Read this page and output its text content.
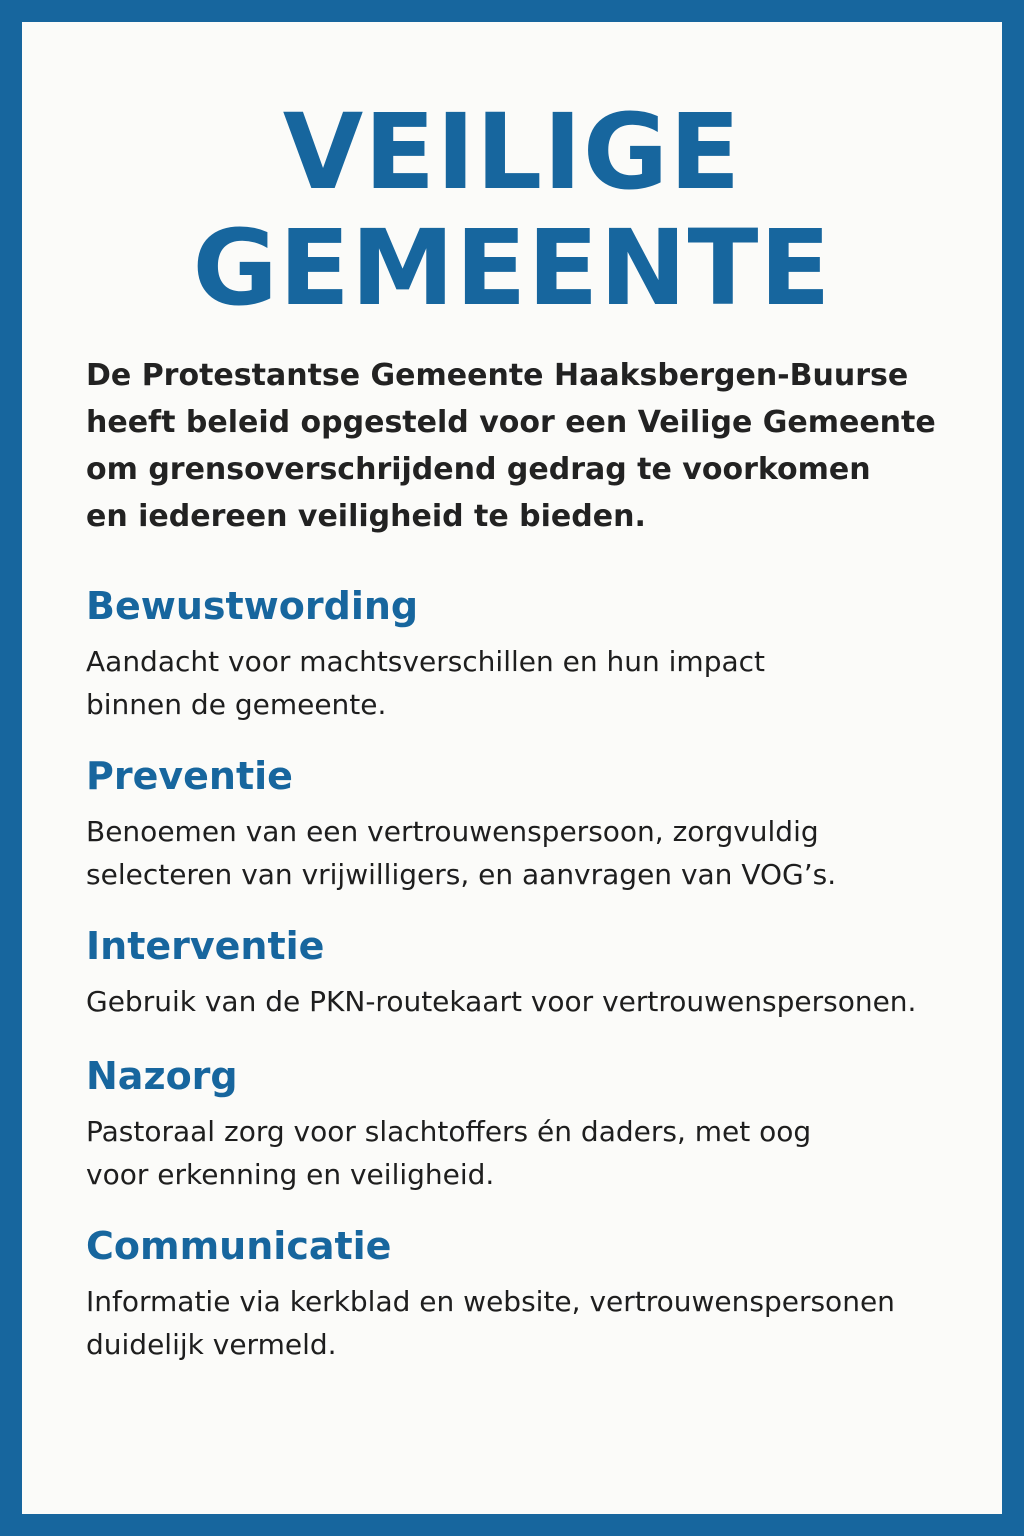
VEILIGE
GEMEENTE

De Protestantse Gemeente Haaksbergen-Buurse
heeft beleid opgesteld voor een Veilige Gemeente
om grensoverschrijdend gedrag te voorkomen
en iedereen veiligheid te bieden.

Bewustwording

Aandacht voor machtsverschillen en hun impact
binnen de gemeente.

Preventie

Benoemen van een vertrouwenspersoon, zorgvuldig
selecteren van vrijwilligers, en aanvragen van VOG’s.

Interventie

Gebruik van de PKN-routekaart voor vertrouwenspersonen.

Nazorg

Pastoraal zorg voor slachtoffers én daders, met oog
voor erkenning en veiligheid.

Communicatie

Informatie via kerkblad en website, vertrouwenspersonen
duidelijk vermeld.
